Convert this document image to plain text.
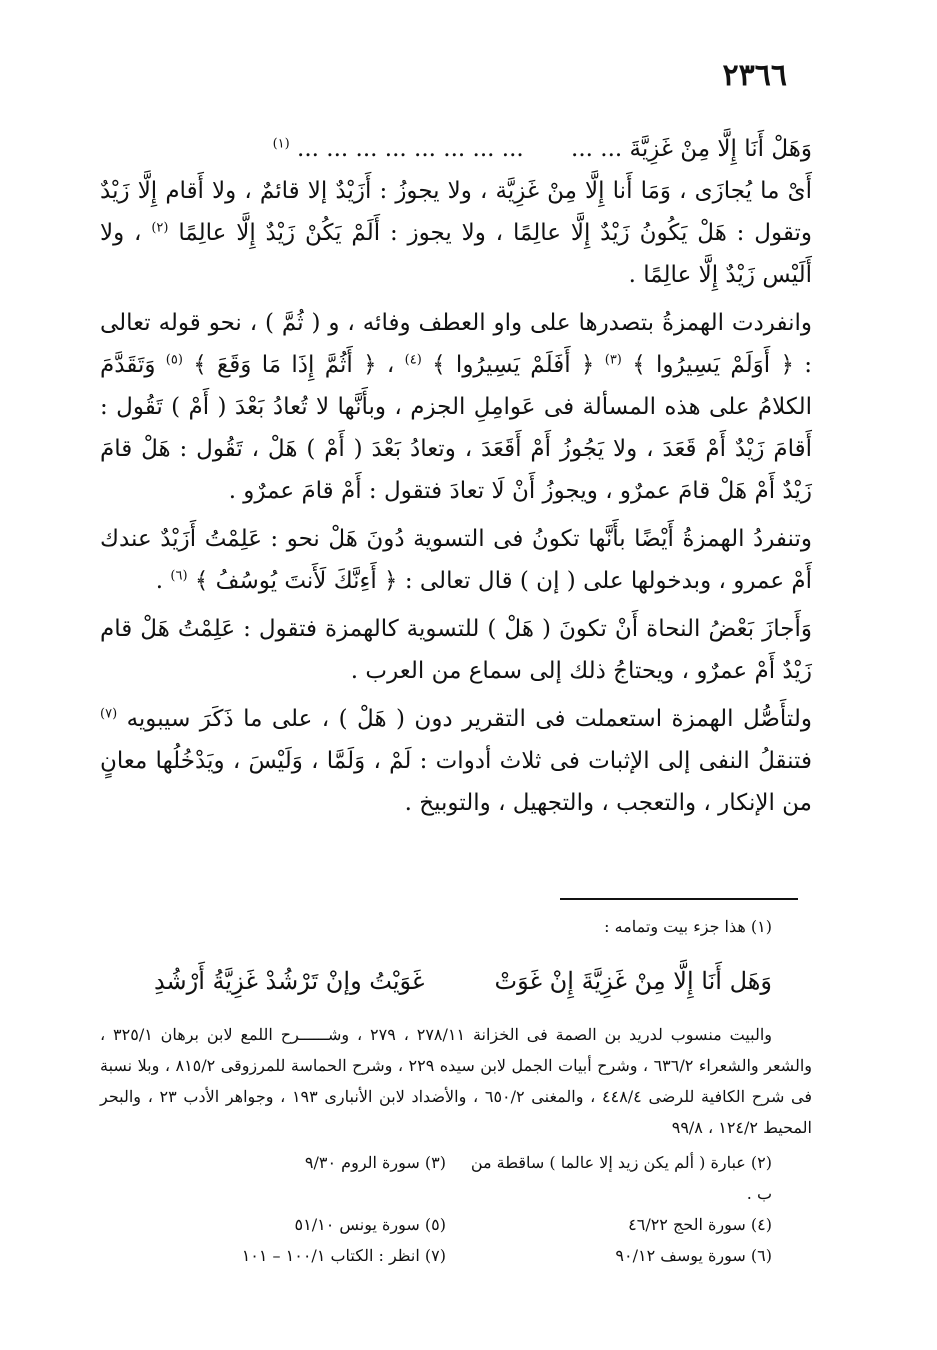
٢٣٦٦

وَهَلْ أَنَا إِلَّا مِنْ غَزِيَّةَ ... ... ... ... ... ... ... ... ... ... $^{(١)}$

أَىْ ما يُجازَى ، وَمَا أَنا إِلَّا مِنْ غَزِيَّة ، ولا يجوزُ : أَزَيْدٌ إلا قائمٌ ، ولا أَقام إِلَّا زَيْدٌ وتقول : هَلْ يَكُونُ زَيْدٌ إِلَّا عالِمًا ، ولا يجوز : أَلَمْ يَكُنْ زَيْدٌ إِلَّا عالِمًا $^{(٢)}$ ، ولا أَلَيْس زَيْدٌ إِلَّا عالِمًا .

وانفردت الهمزةُ بتصدرها على واو العطف وفائه ، و ( ثُمَّ ) ، نحو قوله تعالى : ﴿ أَوَلَمْ يَسِيرُوا ﴾ $^{(٣)}$ ﴿ أَفَلَمْ يَسِيرُوا ﴾ $^{(٤)}$ ، ﴿ أَثُمَّ إِذَا مَا وَقَعَ ﴾ $^{(٥)}$ وَتَقَدَّمَ الكلامُ على هذه المسألة فى عَوامِلِ الجزم ، وبأَنَّها لا تُعادُ بَعْدَ ( أَمْ ) تَقُول : أَقامَ زَيْدٌ أَمْ قَعَدَ ، ولا يَجُوزُ أَمْ أَقَعَدَ ، وتعادُ بَعْدَ ( أَمْ ) هَلْ ، تَقُول : هَلْ قامَ زَيْدٌ أَمْ هَلْ قامَ عمرٌو ، ويجوزُ أَنْ لَا تعادَ فتقول : أَمْ قامَ عمرٌو .

وتنفردُ الهمزةُ أَيْضًا بأَنَّها تكونُ فى التسوية دُونَ هَلْ نحو : عَلِمْتُ أَزَيْدٌ عندك أَمْ عمرو ، وبدخولها على ( إن ) قال تعالى : ﴿ أَءِنَّكَ لَأَنتَ يُوسُفُ ﴾ $^{(٦)}$ .

وَأَجازَ بَعْضُ النحاة أَنْ تكونَ ( هَلْ ) للتسوية كالهمزة فتقول : عَلِمْتُ هَلْ قام زَيْدٌ أَمْ عمرٌو ، ويحتاجُ ذلك إلى سماع من العرب .

ولتأَصُّل الهمزة استعملت فى التقرير دون ( هَلْ ) ، على ما ذَكَرَ سيبويه $^{(٧)}$ فتنقلُ النفى إلى الإثبات فى ثلاث أدوات : لَمْ ، وَلَمَّا ، وَلَيْسَ ، ويَدْخُلُها معانٍ من الإنكار ، والتعجب ، والتجهيل ، والتوبيخ .

(١) هذا جزء بيت وتمامه :

وَهَل أَنَا إِلَّا مِنْ غَزِيَّةَ إِنْ غَوَتْ
غَوَيْتُ وإنْ تَرْشُدْ غَزِيَّةُ أَرْشُدِ

والبيت منسوب لدريد بن الصمة فى الخزانة ٢٧٨/١١ ، ٢٧٩ ، وشــــــرح اللمع لابن برهان ٣٢٥/١ ، والشعر والشعراء ٦٣٦/٢ ، وشرح أبيات الجمل لابن سيده ٢٢٩ ، وشرح الحماسة للمرزوقى ٨١٥/٢ ، وبلا نسبة فى شرح الكافية للرضى ٤٤٨/٤ ، والمغنى ٦٥٠/٢ ، والأضداد لابن الأنبارى ١٩٣ ، وجواهر الأدب ٢٣ ، والبحر المحيط ١٢٤/٢ ، ٩٩/٨

(٢) عبارة ( ألم يكن زيد إلا عالما ) ساقطة من ب .
(٣) سورة الروم ٩/٣٠
(٤) سورة الحج ٤٦/٢٢
(٥) سورة يونس ٥١/١٠
(٦) سورة يوسف ٩٠/١٢
(٧) انظر : الكتاب ١٠٠/١ – ١٠١
